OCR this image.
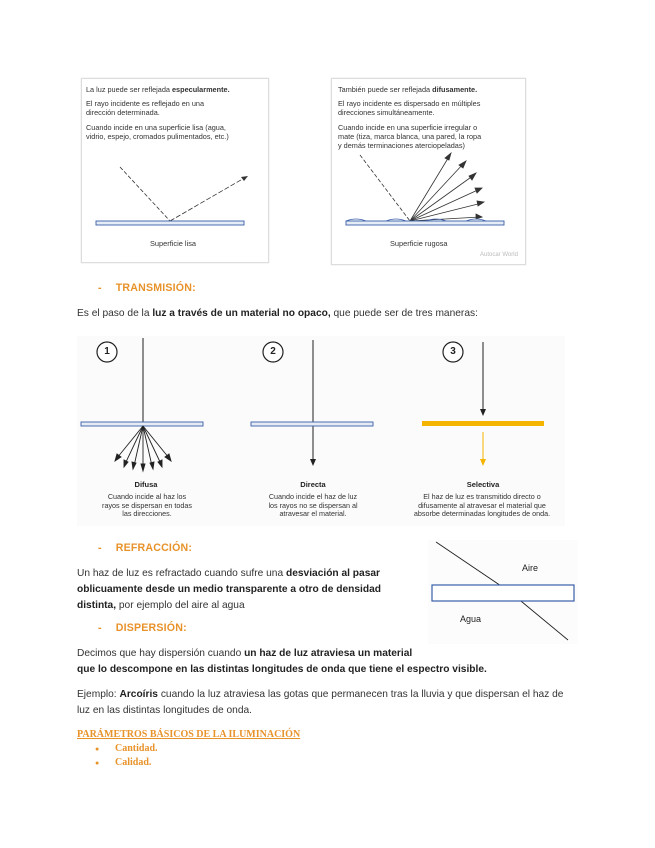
La luz puede ser reflejada especularmente.
El rayo incidente es reflejado en una
dirección determinada.
Cuando incide en una superficie lisa (agua,
vidrio, espejo, cromados pulimentados, etc.)
Superficie lisa
También puede ser reflejada difusamente.
El rayo incidente es dispersado en múltiples
direcciones simultáneamente.
Cuando incide en una superficie irregular o
mate (tiza, marca blanca, una pared, la ropa
y demás terminaciones aterciopeladas)
Superficie rugosa
Autocar World
- TRANSMISIÓN:
Es el paso de la luz a través de un material no opaco, que puede ser de tres maneras:
1	2	3
Difusa
Cuando incide al haz los
rayos se dispersan en todas
las direcciones.
Directa
Cuando incide el haz de luz
los rayos no se dispersan al
atravesar el material.
Selectiva
El haz de luz es transmitido directo o
difusamente al atravesar el material que
absorbe determinadas longitudes de onda.
- REFRACCIÓN:
Un haz de luz es refractado cuando sufre una desviación al pasar
oblicuamente desde un medio transparente a otro de densidad
distinta, por ejemplo del aire al agua
Aire
Agua
- DISPERSIÓN:
Decimos que hay dispersión cuando un haz de luz atraviesa un material
que lo descompone en las distintas longitudes de onda que tiene el espectro visible.
Ejemplo: Arcoíris cuando la luz atraviesa las gotas que permanecen tras la lluvia y que dispersan el haz de
luz en las distintas longitudes de onda.
PARÁMETROS BÁSICOS DE LA ILUMINACIÓN
● Cantidad.
● Calidad.
